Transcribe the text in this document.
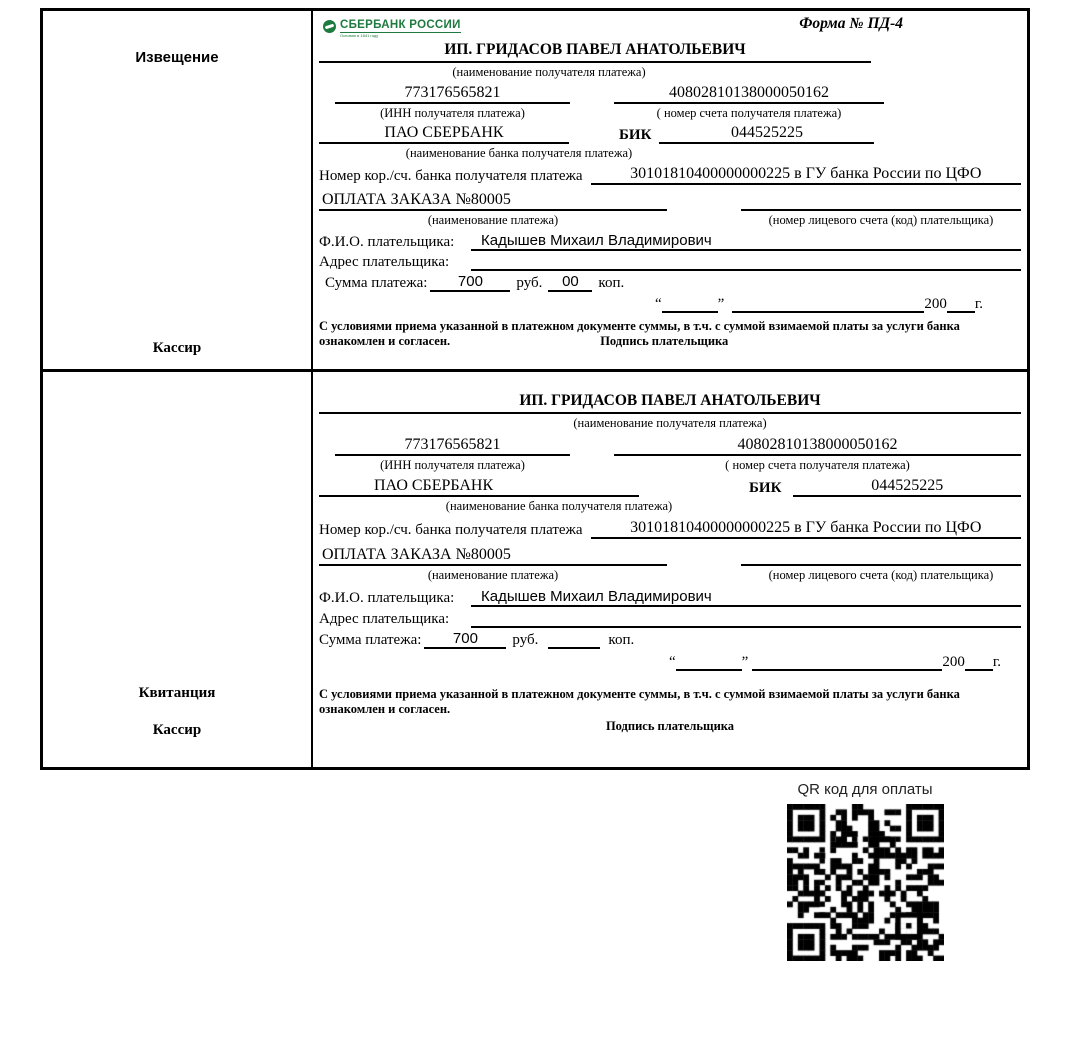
Извещение
Кассир
СБЕРБАНК РОССИИ
Основан в 1841 году
Форма № ПД-4
ИП. ГРИДАСОВ ПАВЕЛ АНАТОЛЬЕВИЧ
(наименование получателя платежа)
773176565821	40802810138000050162
(ИНН получателя платежа)	( номер счета получателя платежа)
ПАО СБЕРБАНК	БИК	044525225
(наименование банка получателя платежа)
Номер кор./сч. банка получателя платежа	30101810400000000225 в ГУ банка России по ЦФО
ОПЛАТА ЗАКАЗА №80005
(наименование платежа)	(номер лицевого счета (код) плательщика)
Ф.И.О. плательщика:	Кадышев Михаил Владимирович
Адрес плательщика:
Сумма платежа:	700	руб.	00	коп.
“	”	200 г.
С условиями приема указанной в платежном документе суммы, в т.ч. с суммой взимаемой платы за услуги банка
ознакомлен и согласен.	Подпись плательщика
Квитанция
Кассир
ИП. ГРИДАСОВ ПАВЕЛ АНАТОЛЬЕВИЧ
(наименование получателя платежа)
773176565821	40802810138000050162
(ИНН получателя платежа)	( номер счета получателя платежа)
ПАО СБЕРБАНК	БИК	044525225
(наименование банка получателя платежа)
Номер кор./сч. банка получателя платежа	30101810400000000225 в ГУ банка России по ЦФО
ОПЛАТА ЗАКАЗА №80005
(наименование платежа)	(номер лицевого счета (код) плательщика)
Ф.И.О. плательщика:	Кадышев Михаил Владимирович
Адрес плательщика:
Сумма платежа:	700	руб.	коп.
“	”	200 г.
С условиями приема указанной в платежном документе суммы, в т.ч. с суммой взимаемой платы за услуги банка
ознакомлен и согласен.
Подпись плательщика
QR код для оплаты
